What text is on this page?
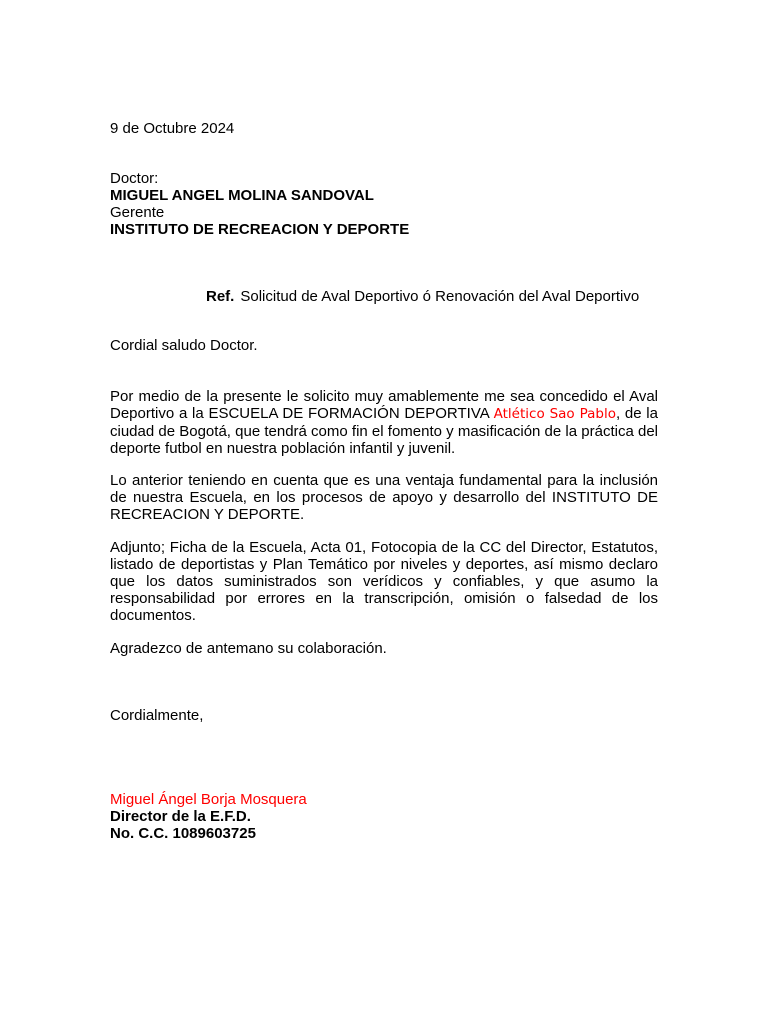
9 de Octubre 2024
Doctor:
MIGUEL ANGEL MOLINA SANDOVAL
Gerente
INSTITUTO DE RECREACION Y DEPORTE
Ref. Solicitud de Aval Deportivo ó Renovación del Aval Deportivo
Cordial saludo Doctor.
Por medio de la presente le solicito muy amablemente me sea concedido el Aval Deportivo a la ESCUELA DE FORMACIÓN DEPORTIVA Atlético Sao Pablo, de la ciudad de Bogotá, que tendrá como fin el fomento y masificación de la práctica del deporte futbol en nuestra población infantil y juvenil.
Lo anterior teniendo en cuenta que es una ventaja fundamental para la inclusión de nuestra Escuela, en los procesos de apoyo y desarrollo del INSTITUTO DE RECREACION Y DEPORTE.
Adjunto; Ficha de la Escuela, Acta 01, Fotocopia de la CC del Director, Estatutos, listado de deportistas y Plan Temático por niveles y deportes, así mismo declaro que los datos suministrados son verídicos y confiables, y que asumo la responsabilidad por errores en la transcripción, omisión o falsedad de los documentos.
Agradezco de antemano su colaboración.
Cordialmente,
Miguel Ángel Borja Mosquera
Director de la E.F.D.
No. C.C. 1089603725
